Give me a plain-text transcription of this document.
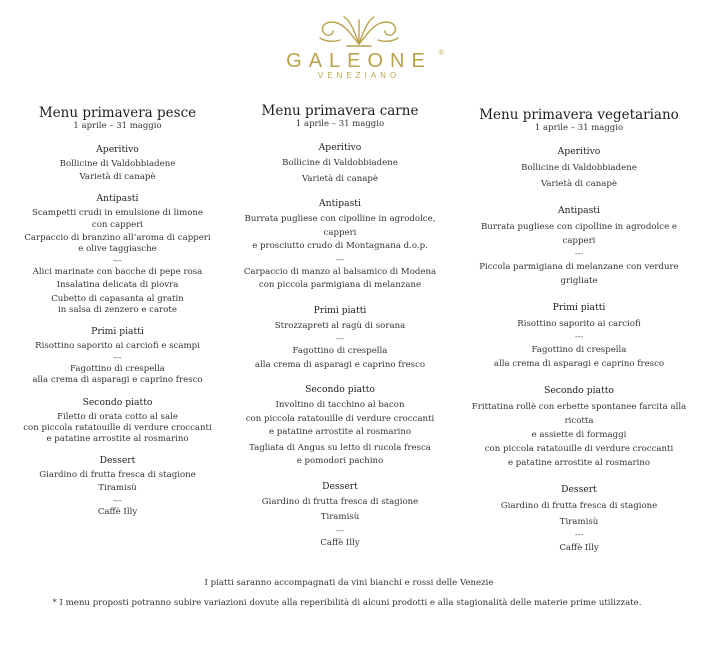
GALEONE ®
VENEZIANO
Menu primavera pesce
1 aprile – 31 maggio
Aperitivo
Bollicine di Valdobbiadene
Varietà di canapè
Antipasti
Scampetti crudi in emulsione di limone
con capperi
Carpaccio di branzino all’aroma di capperi
e olive taggiasche
---
Alici marinate con bacche di pepe rosa
Insalatina delicata di piovra
Cubetto di capasanta al gratin
in salsa di zenzero e carote
Primi piatti
Risottino saporito ai carciofi e scampi
---
Fagottino di crespella
alla crema di asparagi e caprino fresco
Secondo piatto
Filetto di orata cotto al sale
con piccola ratatouille di verdure croccanti
e patatine arrostite al rosmarino
Dessert
Giardino di frutta fresca di stagione
Tiramisù
---
Caffè Illy
Menu primavera carne
1 aprile – 31 maggio
Aperitivo
Bollicine di Valdobbiadene
Varietà di canapè
Antipasti
Burrata pugliese con cipolline in agrodolce, capperi
e prosciutto crudo di Montagnana d.o.p.
---
Carpaccio di manzo al balsamico di Modena
con piccola parmigiana di melanzane
Primi piatti
Strozzapreti al ragù di sorana
---
Fagottino di crespella
alla crema di asparagi e caprino fresco
Secondo piatto
Involtino di tacchino al bacon
con piccola ratatouille di verdure croccanti
e patatine arrostite al rosmarino
Tagliata di Angus su letto di rucola fresca
e pomodori pachino
Dessert
Giardino di frutta fresca di stagione
Tiramisù
---
Caffè Illy
Menu primavera vegetariano
1 aprile – 31 maggio
Aperitivo
Bollicine di Valdobbiadene
Varietà di canapè
Antipasti
Burrata pugliese con cipolline in agrodolce e capperi
---
Piccola parmigiana di melanzane con verdure
grigliate
Primi piatti
Risottino saporito ai carciofi
---
Fagottino di crespella
alla crema di asparagi e caprino fresco
Secondo piatto
Frittatina rollè con erbette spontanee farcita alla
ricotta
e assiette di formaggi
con piccola ratatouille di verdure croccanti
e patatine arrostite al rosmarino
Dessert
Giardino di frutta fresca di stagione
Tiramisù
---
Caffè Illy
I piatti saranno accompagnati da vini bianchi e rossi delle Venezie
* I menu proposti potranno subire variazioni dovute alla reperibilità di alcuni prodotti e alla stagionalità delle materie prime utilizzate.
